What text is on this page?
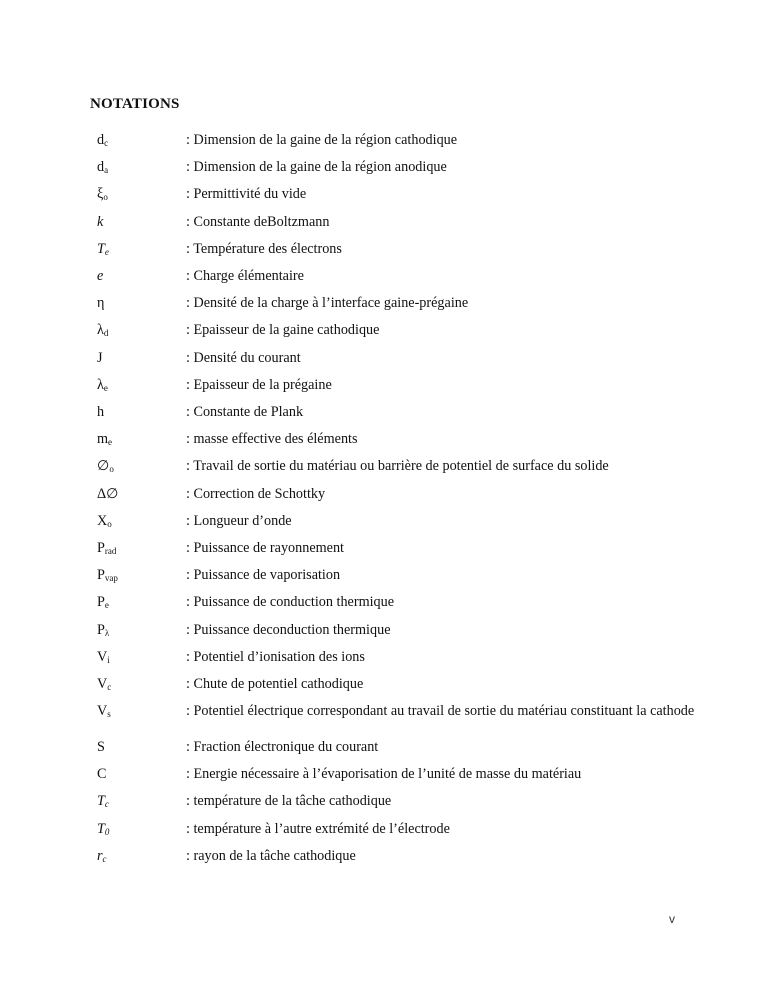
NOTATIONS
$d_c$	: Dimension de la gaine de la région cathodique
$d_a$	: Dimension de la gaine de la région anodique
$\xi_o$	: Permittivité du vide
k	: Constante deBoltzmann
$T_e$	: Température des électrons
e	: Charge élémentaire
η	: Densité de la charge à l’interface gaine-prégaine
$\lambda_d$	: Epaisseur de la gaine cathodique
J	: Densité du courant
$\lambda_e$	: Epaisseur de la prégaine
h	: Constante de Plank
$m_e$	: masse effective des éléments
$\emptyset_o$	: Travail de sortie du matériau ou barrière de potentiel de surface du solide
Δ∅	: Correction de Schottky
$X_o$	: Longueur d’onde
$P_{rad}$	: Puissance de rayonnement
$P_{vap}$	: Puissance de vaporisation
$P_e$	: Puissance de conduction thermique
$P_\lambda$	: Puissance deconduction thermique
$V_i$	: Potentiel d’ionisation des ions
$V_c$	: Chute de potentiel cathodique
$V_s$	: Potentiel électrique correspondant au travail de sortie du matériau constituant la cathode
S	: Fraction électronique du courant
C	: Energie nécessaire à l’évaporisation de l’unité de masse du matériau
$T_c$	: température de la tâche cathodique
$T_0$	: température à l’autre extrémité de l’électrode
$r_c$	: rayon de la tâche cathodique
v
